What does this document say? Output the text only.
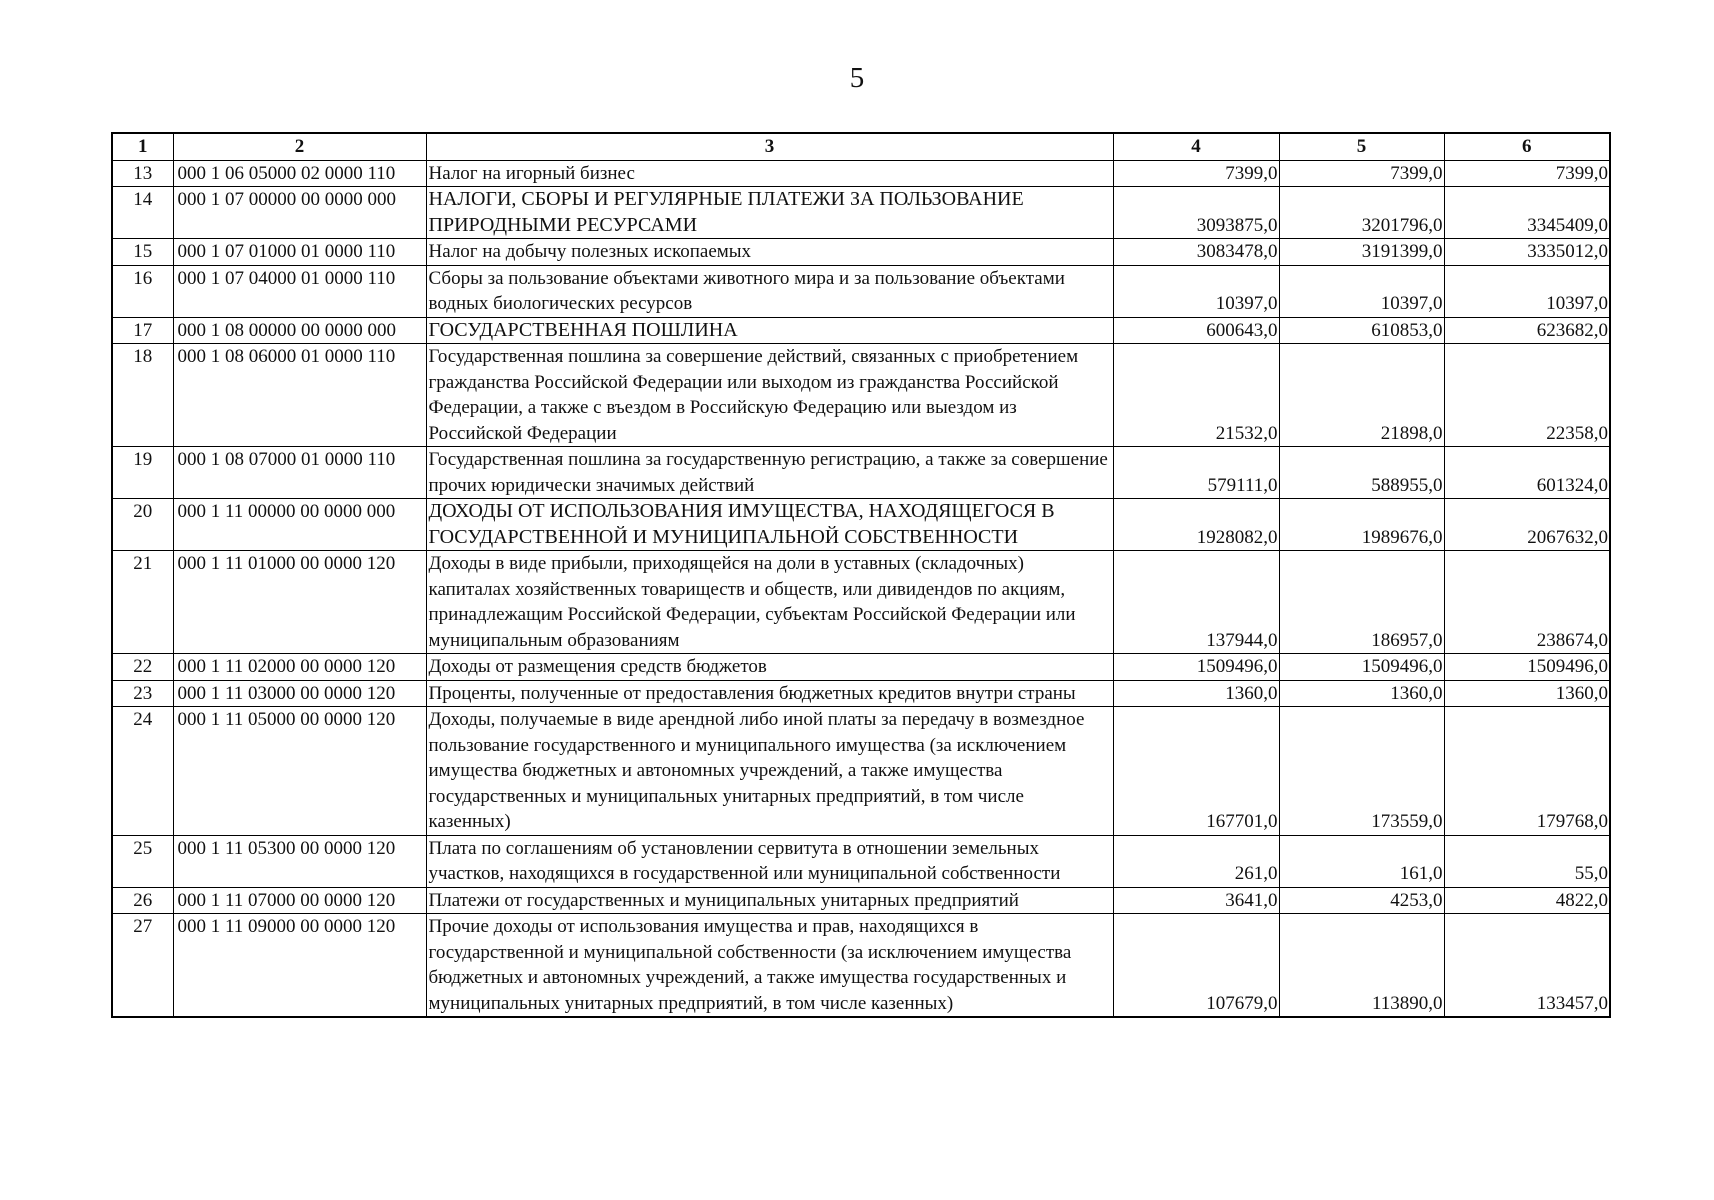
5
1	2	3	4	5	6
13	000 1 06 05000 02 0000 110	Налог на игорный бизнес	7399,0	7399,0	7399,0
14	000 1 07 00000 00 0000 000	НАЛОГИ, СБОРЫ И РЕГУЛЯРНЫЕ ПЛАТЕЖИ ЗА ПОЛЬЗОВАНИЕ ПРИРОДНЫМИ РЕСУРСАМИ	3093875,0	3201796,0	3345409,0
15	000 1 07 01000 01 0000 110	Налог на добычу полезных ископаемых	3083478,0	3191399,0	3335012,0
16	000 1 07 04000 01 0000 110	Сборы за пользование объектами животного мира и за пользование объектами водных биологических ресурсов	10397,0	10397,0	10397,0
17	000 1 08 00000 00 0000 000	ГОСУДАРСТВЕННАЯ ПОШЛИНА	600643,0	610853,0	623682,0
18	000 1 08 06000 01 0000 110	Государственная пошлина за совершение действий, связанных с приобретением гражданства Российской Федерации или выходом из гражданства Российской Федерации, а также с въездом в Российскую Федерацию или выездом из Российской Федерации	21532,0	21898,0	22358,0
19	000 1 08 07000 01 0000 110	Государственная пошлина за государственную регистрацию, а также за совершение прочих юридически значимых действий	579111,0	588955,0	601324,0
20	000 1 11 00000 00 0000 000	ДОХОДЫ ОТ ИСПОЛЬЗОВАНИЯ ИМУЩЕСТВА, НАХОДЯЩЕГОСЯ В ГОСУДАРСТВЕННОЙ И МУНИЦИПАЛЬНОЙ СОБСТВЕННОСТИ	1928082,0	1989676,0	2067632,0
21	000 1 11 01000 00 0000 120	Доходы в виде прибыли, приходящейся на доли в уставных (складочных) капиталах хозяйственных товариществ и обществ, или дивидендов по акциям, принадлежащим Российской Федерации, субъектам Российской Федерации или муниципальным образованиям	137944,0	186957,0	238674,0
22	000 1 11 02000 00 0000 120	Доходы от размещения средств бюджетов	1509496,0	1509496,0	1509496,0
23	000 1 11 03000 00 0000 120	Проценты, полученные от предоставления бюджетных кредитов внутри страны	1360,0	1360,0	1360,0
24	000 1 11 05000 00 0000 120	Доходы, получаемые в виде арендной либо иной платы за передачу в возмездное пользование государственного и муниципального имущества (за исключением имущества бюджетных и автономных учреждений, а также имущества государственных и муниципальных унитарных предприятий, в том числе казенных)	167701,0	173559,0	179768,0
25	000 1 11 05300 00 0000 120	Плата по соглашениям об установлении сервитута в отношении земельных участков, находящихся в государственной или муниципальной собственности	261,0	161,0	55,0
26	000 1 11 07000 00 0000 120	Платежи от государственных и муниципальных унитарных предприятий	3641,0	4253,0	4822,0
27	000 1 11 09000 00 0000 120	Прочие доходы от использования имущества и прав, находящихся в государственной и муниципальной собственности (за исключением имущества бюджетных и автономных учреждений, а также имущества государственных и муниципальных унитарных предприятий, в том числе казенных)	107679,0	113890,0	133457,0
